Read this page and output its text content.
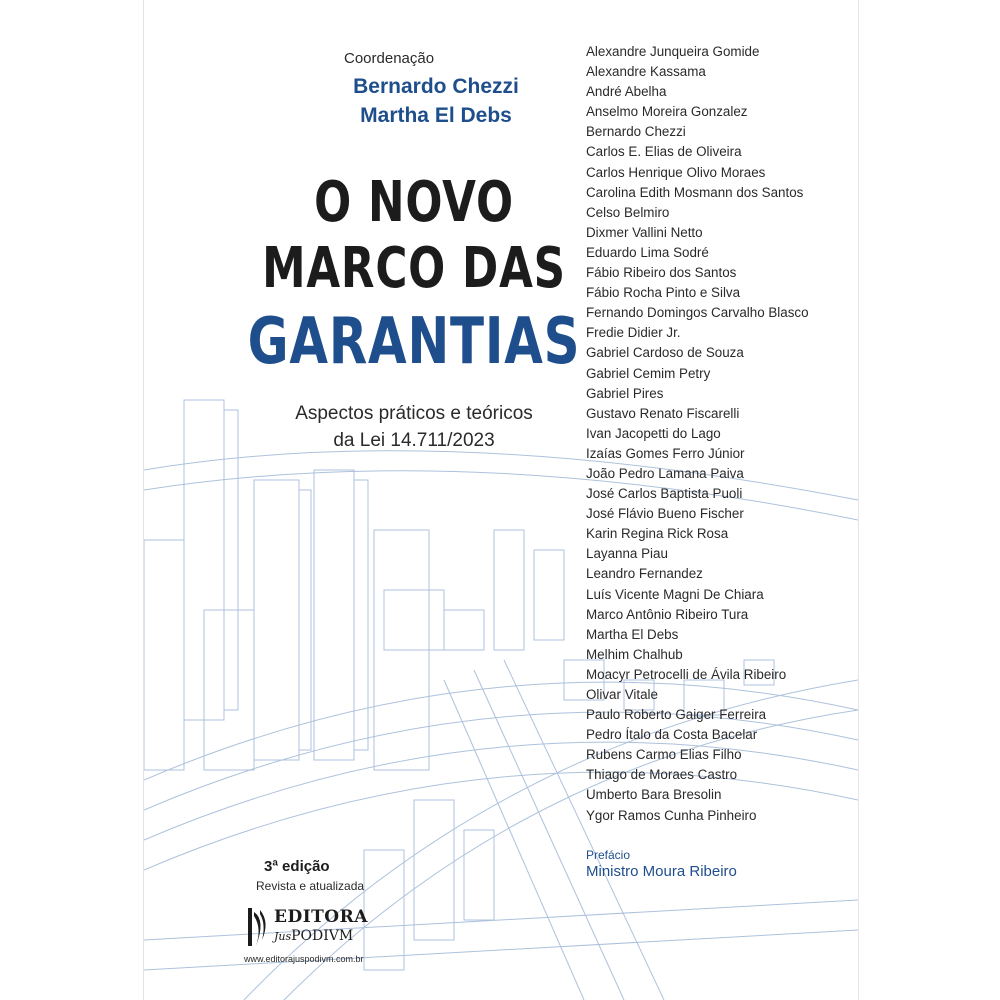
Coordenação
Bernardo Chezzi
Martha El Debs
O NOVO
MARCO DAS
GARANTIAS
Aspectos práticos e teóricos
da Lei 14.711/2023
Alexandre Junqueira Gomide
Alexandre Kassama
André Abelha
Anselmo Moreira Gonzalez
Bernardo Chezzi
Carlos E. Elias de Oliveira
Carlos Henrique Olivo Moraes
Carolina Edith Mosmann dos Santos
Celso Belmiro
Dixmer Vallini Netto
Eduardo Lima Sodré
Fábio Ribeiro dos Santos
Fábio Rocha Pinto e Silva
Fernando Domingos Carvalho Blasco
Fredie Didier Jr.
Gabriel Cardoso de Souza
Gabriel Cemim Petry
Gabriel Pires
Gustavo Renato Fiscarelli
Ivan Jacopetti do Lago
Izaías Gomes Ferro Júnior
João Pedro Lamana Paiva
José Carlos Baptista Puoli
José Flávio Bueno Fischer
Karin Regina Rick Rosa
Layanna Piau
Leandro Fernandez
Luís Vicente Magni De Chiara
Marco Antônio Ribeiro Tura
Martha El Debs
Melhim Chalhub
Moacyr Petrocelli de Ávila Ribeiro
Olivar Vitale
Paulo Roberto Gaiger Ferreira
Pedro Ítalo da Costa Bacelar
Rubens Carmo Elias Filho
Thiago de Moraes Castro
Umberto Bara Bresolin
Ygor Ramos Cunha Pinheiro
Prefácio
Ministro Moura Ribeiro
3ª edição
Revista e atualizada
EDITORA
JusPODIVM
www.editorajuspodivm.com.br
